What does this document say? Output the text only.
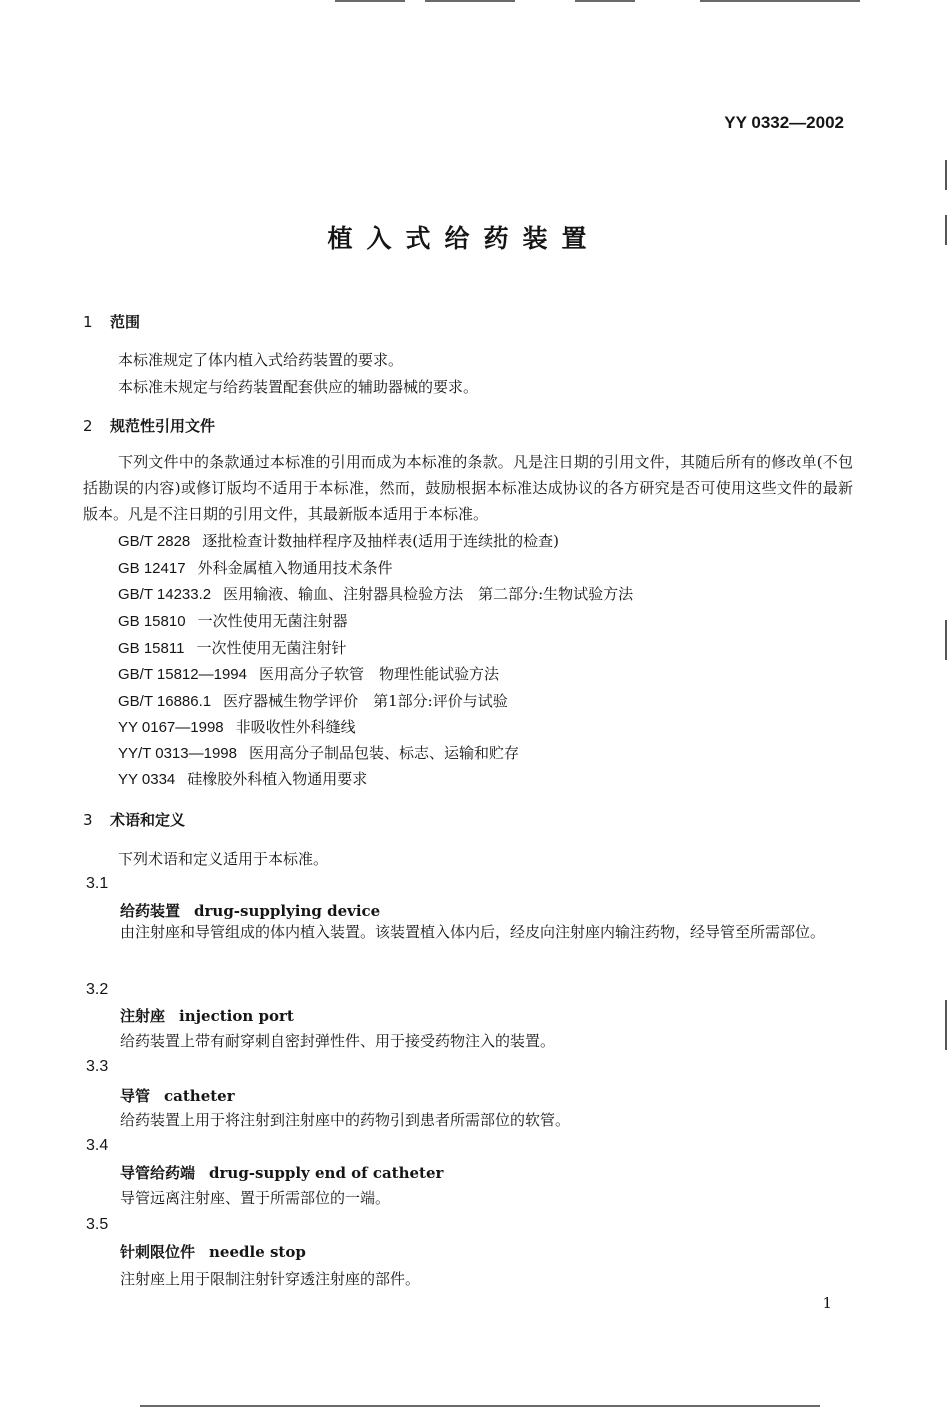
YY 0332—2002
植入式给药装置
1 范围
本标准规定了体内植入式给药装置的要求。
本标准未规定与给药装置配套供应的辅助器械的要求。
2 规范性引用文件
下列文件中的条款通过本标准的引用而成为本标准的条款。凡是注日期的引用文件，其随后所有的修改单(不包括勘误的内容)或修订版均不适用于本标准，然而，鼓励根据本标准达成协议的各方研究是否可使用这些文件的最新版本。凡是不注日期的引用文件，其最新版本适用于本标准。
GB/T 2828 逐批检查计数抽样程序及抽样表(适用于连续批的检查)
GB 12417 外科金属植入物通用技术条件
GB/T 14233.2 医用输液、输血、注射器具检验方法　第二部分:生物试验方法
GB 15810 一次性使用无菌注射器
GB 15811 一次性使用无菌注射针
GB/T 15812—1994 医用高分子软管　物理性能试验方法
GB/T 16886.1 医疗器械生物学评价　第1部分:评价与试验
YY 0167—1998 非吸收性外科缝线
YY/T 0313—1998 医用高分子制品包装、标志、运输和贮存
YY 0334 硅橡胶外科植入物通用要求
3 术语和定义
下列术语和定义适用于本标准。
3.1
给药装置 drug-supplying device
由注射座和导管组成的体内植入装置。该装置植入体内后，经皮向注射座内输注药物，经导管至所需部位。
3.2
注射座 injection port
给药装置上带有耐穿刺自密封弹性件、用于接受药物注入的装置。
3.3
导管 catheter
给药装置上用于将注射到注射座中的药物引到患者所需部位的软管。
3.4
导管给药端 drug-supply end of catheter
导管远离注射座、置于所需部位的一端。
3.5
针刺限位件 needle stop
注射座上用于限制注射针穿透注射座的部件。
1
